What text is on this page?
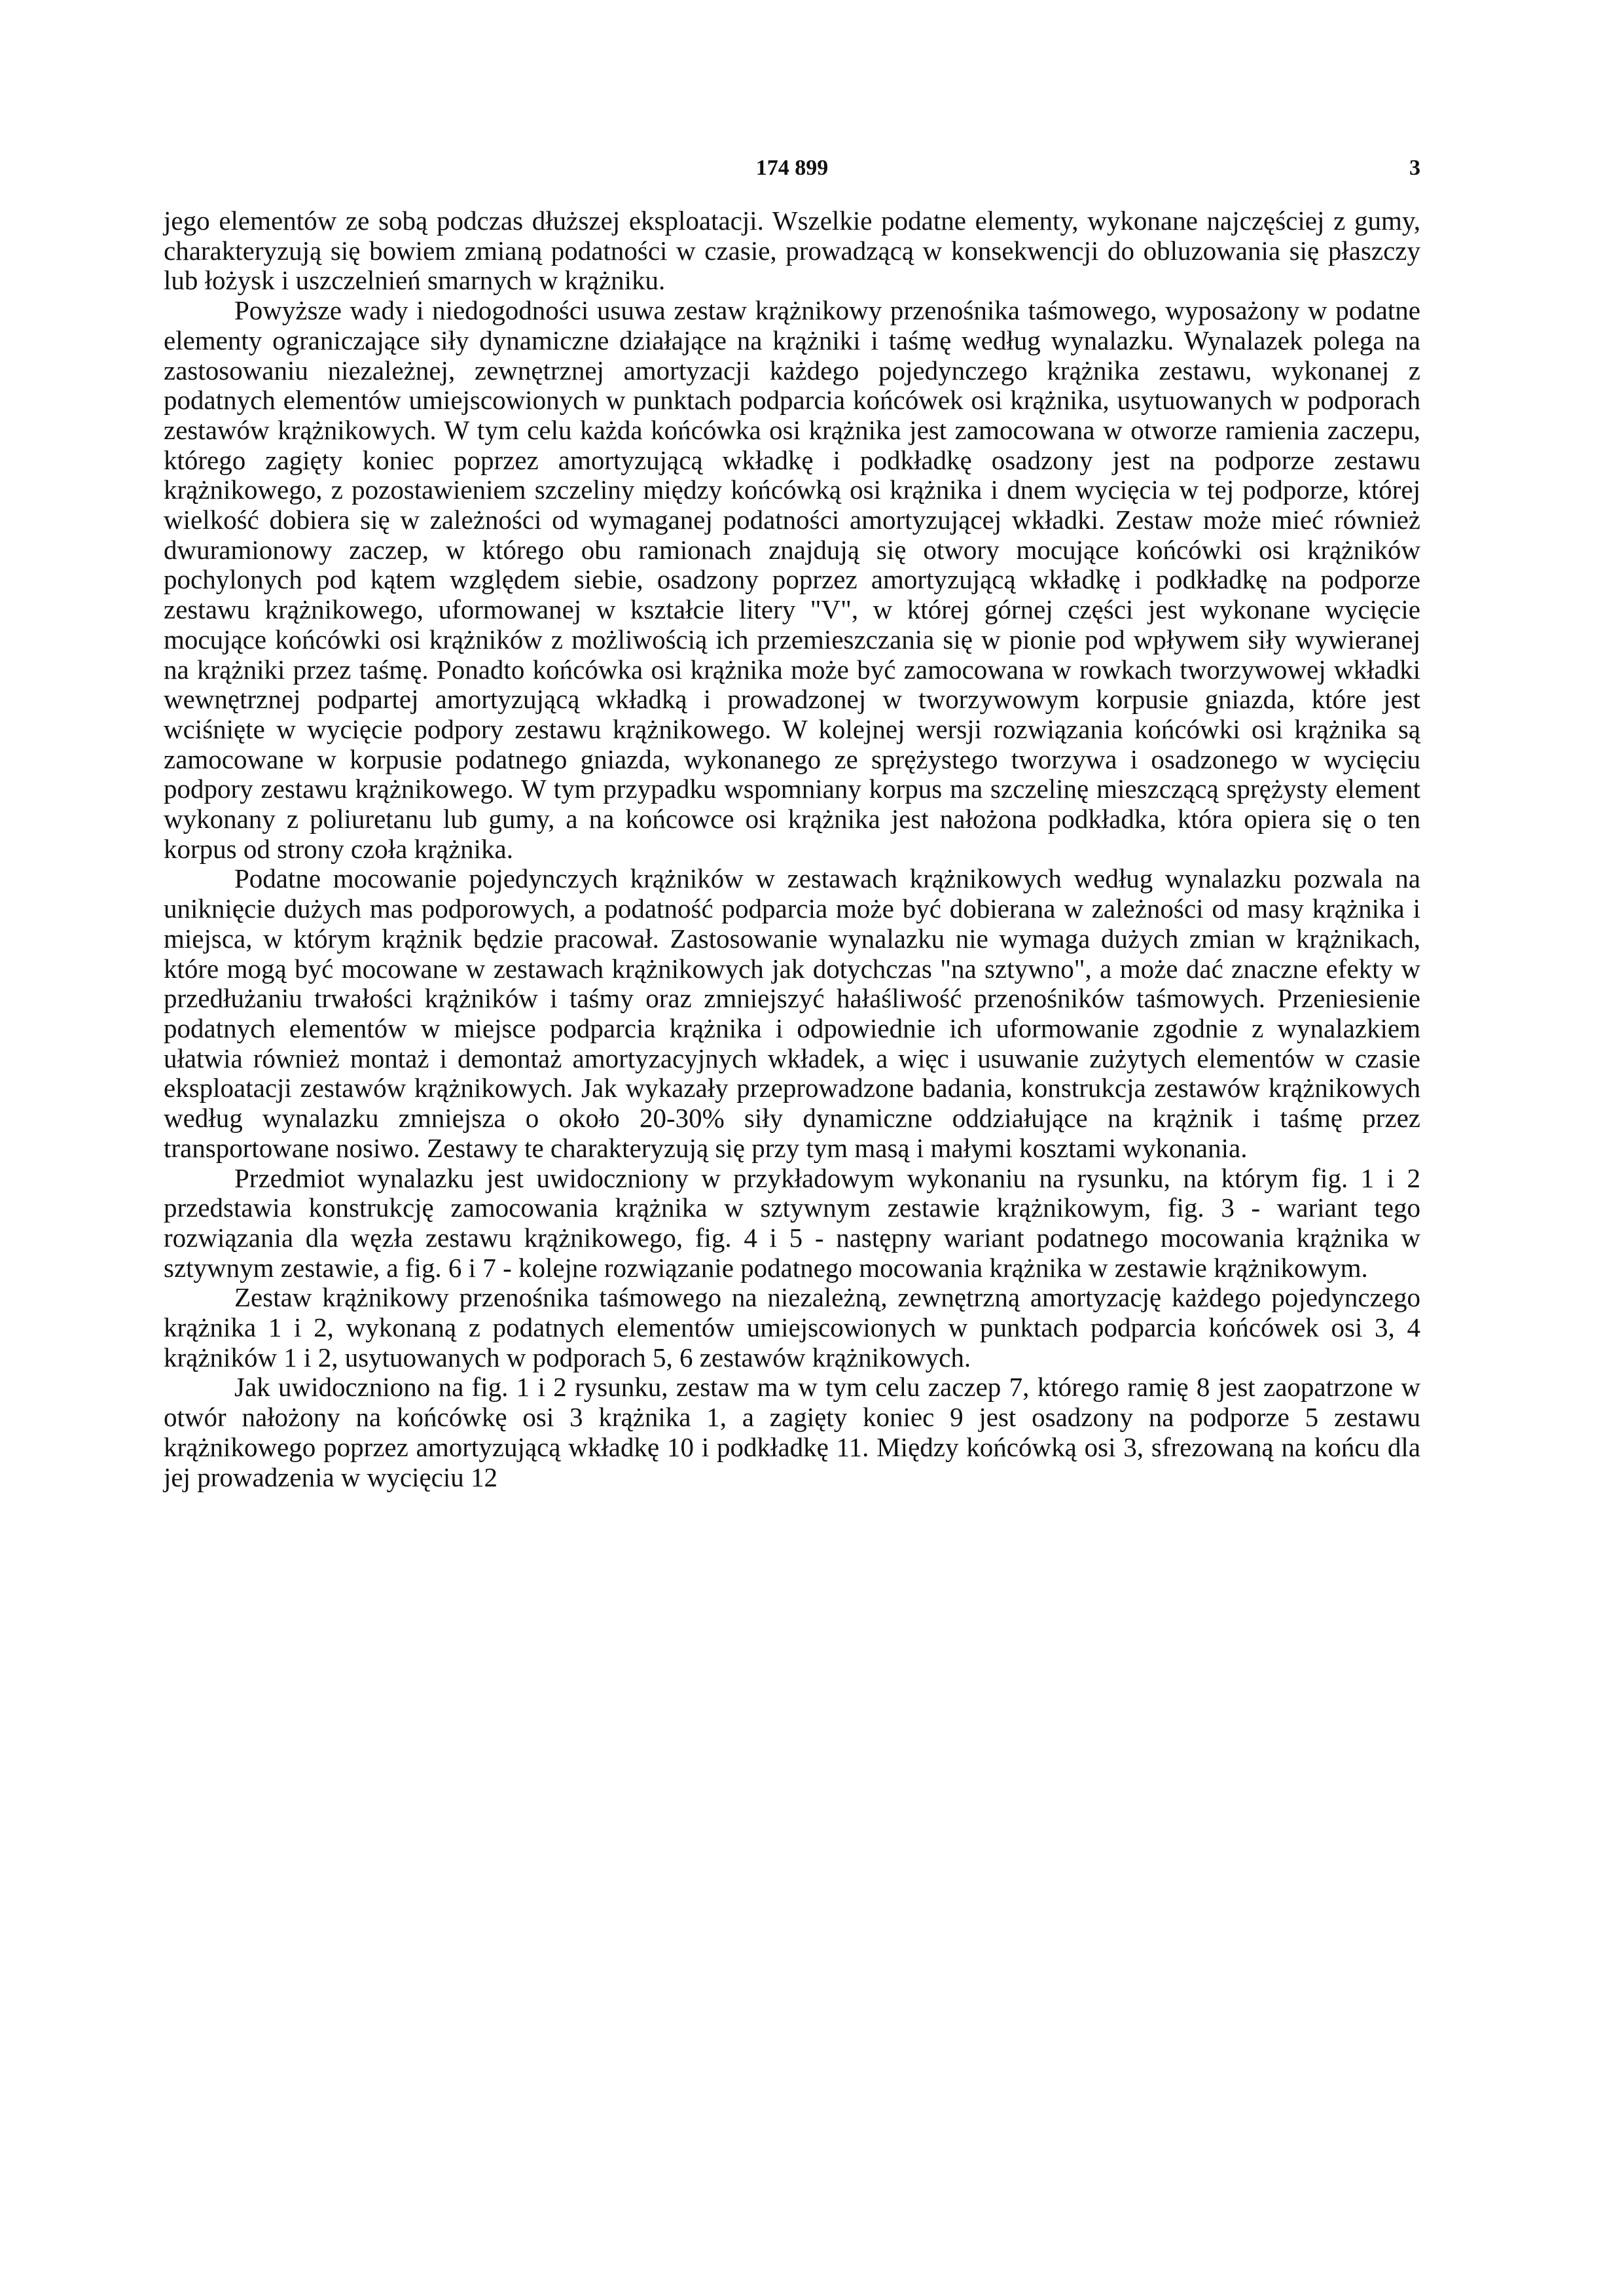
174 899	3

jego elementów ze sobą podczas dłuższej eksploatacji. Wszelkie podatne elementy, wykonane najczęściej z gumy, charakteryzują się bowiem zmianą podatności w czasie, prowadzącą w konsekwencji do obluzowania się płaszczy lub łożysk i uszczelnień smarnych w krążniku.

Powyższe wady i niedogodności usuwa zestaw krążnikowy przenośnika taśmowego, wyposażony w podatne elementy ograniczające siły dynamiczne działające na krążniki i taśmę według wynalazku. Wynalazek polega na zastosowaniu niezależnej, zewnętrznej amortyzacji każdego pojedynczego krążnika zestawu, wykonanej z podatnych elementów umiejscowionych w punktach podparcia końcówek osi krążnika, usytuowanych w podporach zestawów krążnikowych. W tym celu każda końcówka osi krążnika jest zamocowana w otworze ramienia zaczepu, którego zagięty koniec poprzez amortyzującą wkładkę i podkładkę osadzony jest na podporze zestawu krążnikowego, z pozostawieniem szczeliny między końcówką osi krążnika i dnem wycięcia w tej podporze, której wielkość dobiera się w zależności od wymaganej podatności amortyzującej wkładki. Zestaw może mieć również dwuramionowy zaczep, w którego obu ramionach znajdują się otwory mocujące końcówki osi krążników pochylonych pod kątem względem siebie, osadzony poprzez amortyzującą wkładkę i podkładkę na podporze zestawu krążnikowego, uformowanej w kształcie litery "V", w której górnej części jest wykonane wycięcie mocujące końcówki osi krążników z możliwością ich przemieszczania się w pionie pod wpływem siły wywieranej na krążniki przez taśmę. Ponadto końcówka osi krążnika może być zamocowana w rowkach tworzywowej wkładki wewnętrznej podpartej amortyzującą wkładką i prowadzonej w tworzywowym korpusie gniazda, które jest wciśnięte w wycięcie podpory zestawu krążnikowego. W kolejnej wersji rozwiązania końcówki osi krążnika są zamocowane w korpusie podatnego gniazda, wykonanego ze sprężystego tworzywa i osadzonego w wycięciu podpory zestawu krążnikowego. W tym przypadku wspomniany korpus ma szczelinę mieszczącą sprężysty element wykonany z poliuretanu lub gumy, a na końcowce osi krążnika jest nałożona podkładka, która opiera się o ten korpus od strony czoła krążnika.

Podatne mocowanie pojedynczych krążników w zestawach krążnikowych według wynalazku pozwala na uniknięcie dużych mas podporowych, a podatność podparcia może być dobierana w zależności od masy krążnika i miejsca, w którym krążnik będzie pracował. Zastosowanie wynalazku nie wymaga dużych zmian w krążnikach, które mogą być mocowane w zestawach krążnikowych jak dotychczas "na sztywno", a może dać znaczne efekty w przedłużaniu trwałości krążników i taśmy oraz zmniejszyć hałaśliwość przenośników taśmowych. Przeniesienie podatnych elementów w miejsce podparcia krążnika i odpowiednie ich uformowanie zgodnie z wynalazkiem ułatwia również montaż i demontaż amortyzacyjnych wkładek, a więc i usuwanie zużytych elementów w czasie eksploatacji zestawów krążnikowych. Jak wykazały przeprowadzone badania, konstrukcja zestawów krążnikowych według wynalazku zmniejsza o około 20-30% siły dynamiczne oddziałujące na krążnik i taśmę przez transportowane nosiwo. Zestawy te charakteryzują się przy tym masą i małymi kosztami wykonania.

Przedmiot wynalazku jest uwidoczniony w przykładowym wykonaniu na rysunku, na którym fig. 1 i 2 przedstawia konstrukcję zamocowania krążnika w sztywnym zestawie krążnikowym, fig. 3 - wariant tego rozwiązania dla węzła zestawu krążnikowego, fig. 4 i 5 - następny wariant podatnego mocowania krążnika w sztywnym zestawie, a fig. 6 i 7 - kolejne rozwiązanie podatnego mocowania krążnika w zestawie krążnikowym.

Zestaw krążnikowy przenośnika taśmowego na niezależną, zewnętrzną amortyzację każdego pojedynczego krążnika 1 i 2, wykonaną z podatnych elementów umiejscowionych w punktach podparcia końcówek osi 3, 4 krążników 1 i 2, usytuowanych w podporach 5, 6 zestawów krążnikowych.

Jak uwidoczniono na fig. 1 i 2 rysunku, zestaw ma w tym celu zaczep 7, którego ramię 8 jest zaopatrzone w otwór nałożony na końcówkę osi 3 krążnika 1, a zagięty koniec 9 jest osadzony na podporze 5 zestawu krążnikowego poprzez amortyzującą wkładkę 10 i podkładkę 11. Między końcówką osi 3, sfrezowaną na końcu dla jej prowadzenia w wycięciu 12
